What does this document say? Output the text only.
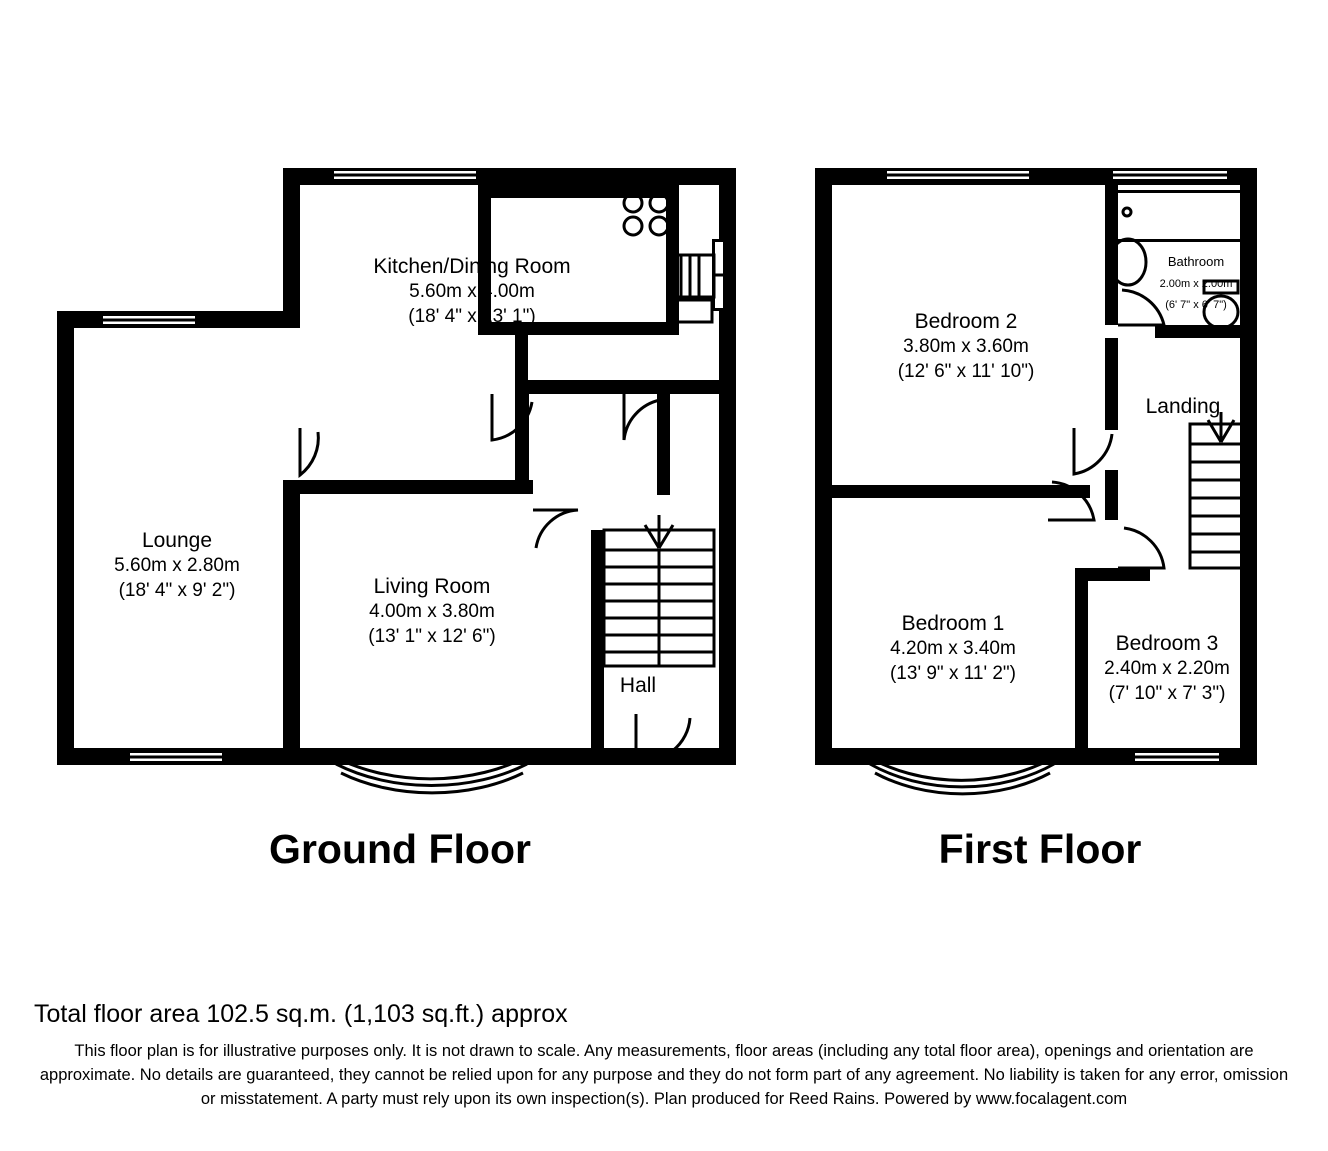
Kitchen/Dining Room
5.60m x 4.00m
(18' 4" x 13' 1")
Lounge
5.60m x 2.80m
(18' 4" x 9' 2")	Living Room
4.00m x 3.80m
(13' 1" x 12' 6")
Hall
Ground Floor
Bedroom 2
3.80m x 3.60m
(12' 6" x 11' 10")
Bathroom
2.00m x 2.00m
(6' 7" x 6' 7")
Landing
Bedroom 1
4.20m x 3.40m
(13' 9" x 11' 2")
Bedroom 3
2.40m x 2.20m
(7' 10" x 7' 3")
First Floor
Total floor area 102.5 sq.m. (1,103 sq.ft.) approx
This floor plan is for illustrative purposes only. It is not drawn to scale. Any measurements, floor areas (including any total floor area), openings and orientation are approximate. No details are guaranteed, they cannot be relied upon for any purpose and they do not form part of any agreement. No liability is taken for any error, omission or misstatement. A party must rely upon its own inspection(s). Plan produced for Reed Rains. Powered by www.focalagent.com
